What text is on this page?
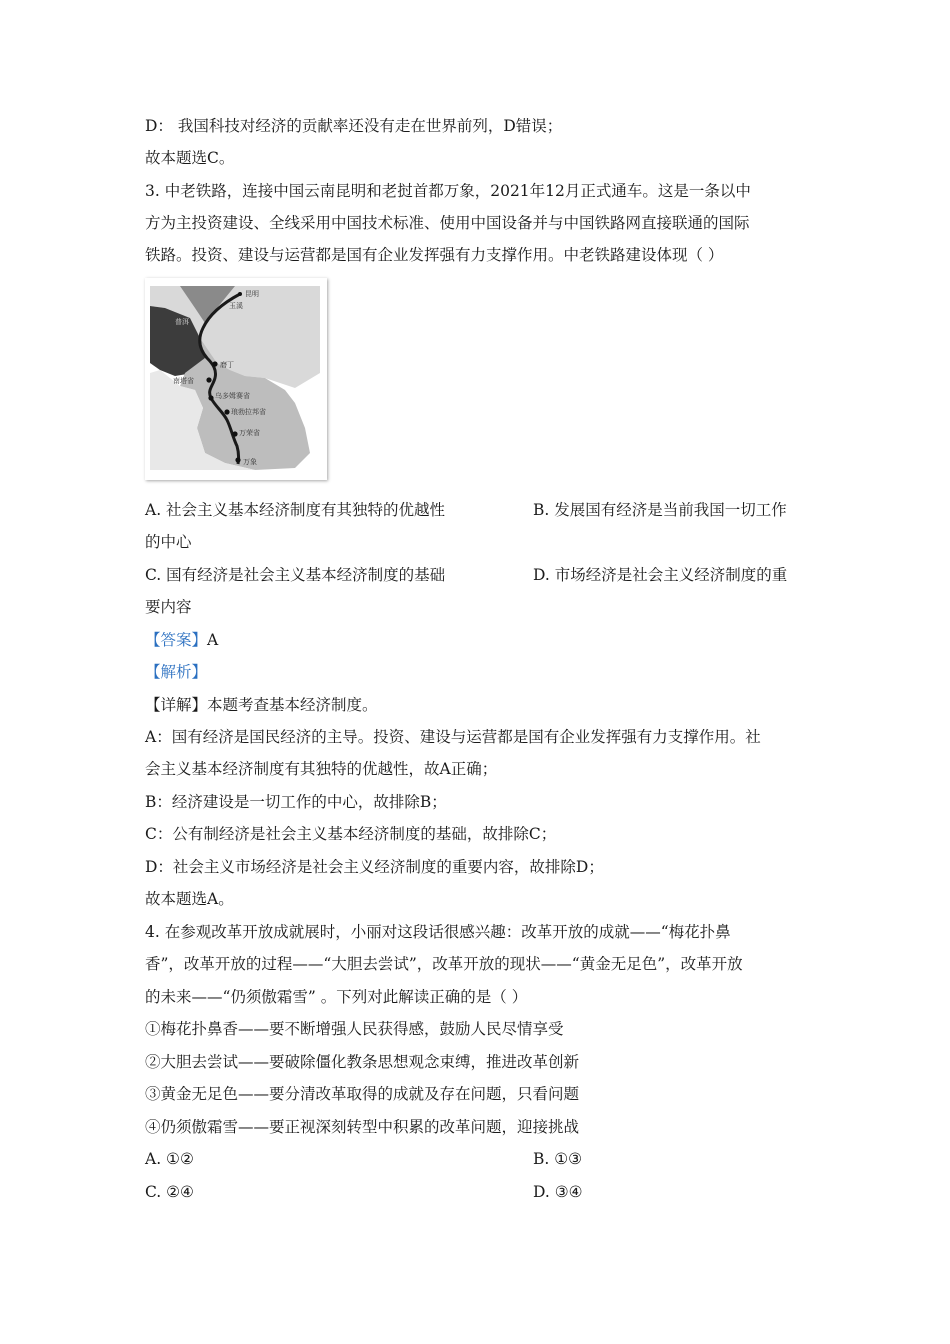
D： 我国科技对经济的贡献率还没有走在世界前列，D错误；
故本题选C。
3. 中老铁路，连接中国云南昆明和老挝首都万象，2021年12月正式通车。这是一条以中
方为主投资建设、全线采用中国技术标准、使用中国设备并与中国铁路网直接联通的国际
铁路。投资、建设与运营都是国有企业发挥强有力支撑作用。中老铁路建设体现（ ）
昆明
玉溪
普洱
磨丁
南塔省
乌多姆赛省
琅勃拉邦省
万荣省
万象
A. 社会主义基本经济制度有其独特的优越性	B. 发展国有经济是当前我国一切工作
的中心
C. 国有经济是社会主义基本经济制度的基础	D. 市场经济是社会主义经济制度的重
要内容
【答案】A
【解析】
【详解】本题考查基本经济制度。
A：国有经济是国民经济的主导。投资、建设与运营都是国有企业发挥强有力支撑作用。社
会主义基本经济制度有其独特的优越性，故A正确；
B：经济建设是一切工作的中心，故排除B；
C：公有制经济是社会主义基本经济制度的基础，故排除C；
D：社会主义市场经济是社会主义经济制度的重要内容，故排除D；
故本题选A。
4. 在参观改革开放成就展时，小丽对这段话很感兴趣：改革开放的成就——“梅花扑鼻
香”，改革开放的过程——“大胆去尝试”，改革开放的现状——“黄金无足色”，改革开放
的未来——“仍须傲霜雪” 。下列对此解读正确的是（ ）
①梅花扑鼻香——要不断增强人民获得感，鼓励人民尽情享受
②大胆去尝试——要破除僵化教条思想观念束缚，推进改革创新
③黄金无足色——要分清改革取得的成就及存在问题，只看问题
④仍须傲霜雪——要正视深刻转型中积累的改革问题，迎接挑战
A. ①②	B. ①③
C. ②④	D. ③④
